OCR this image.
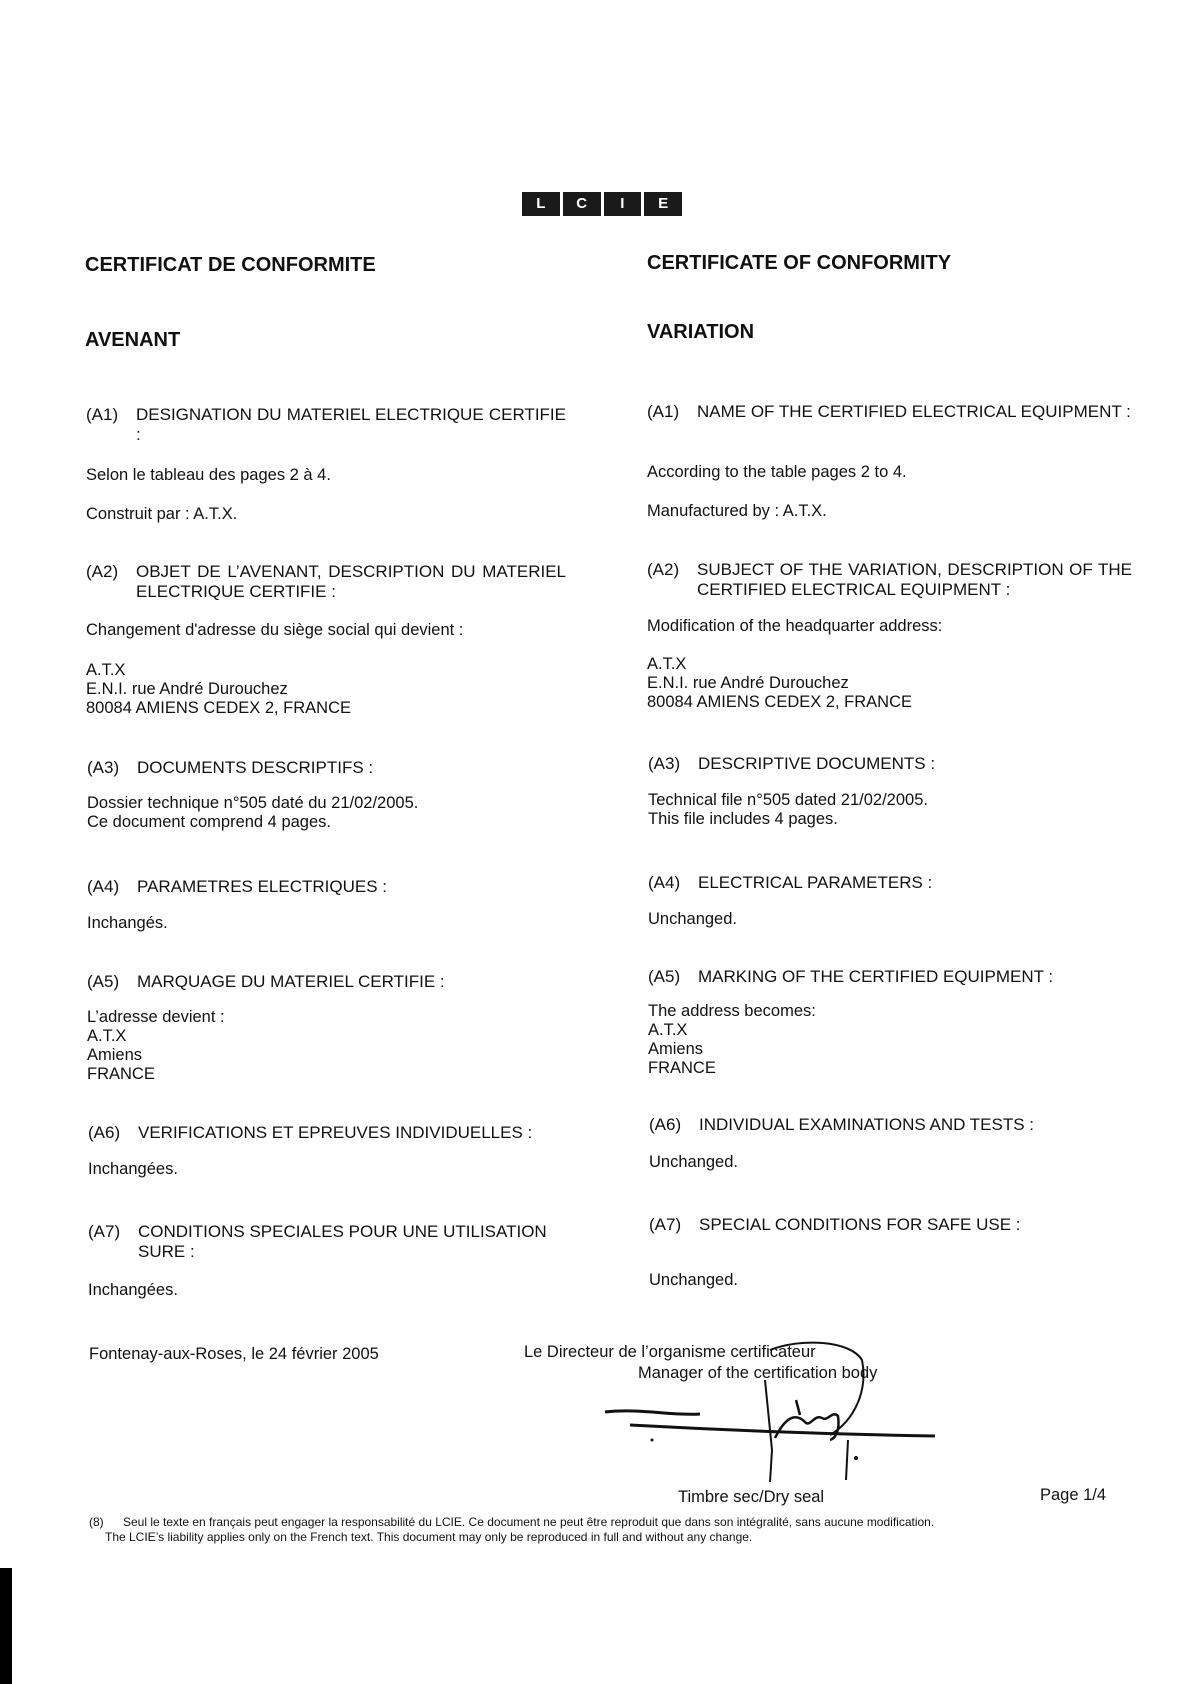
L	C	I	E
CERTIFICAT DE CONFORMITE	CERTIFICATE OF CONFORMITY
AVENANT	VARIATION
(A1) DESIGNATION DU MATERIEL ELECTRIQUE CERTIFIE :
Selon le tableau des pages 2 à 4.
Construit par : A.T.X.
(A2) OBJET DE L’AVENANT, DESCRIPTION DU MATERIEL ELECTRIQUE CERTIFIE :
Changement d'adresse du siège social qui devient :
A.T.X
E.N.I. rue André Durouchez
80084 AMIENS CEDEX 2, FRANCE
(A3) DOCUMENTS DESCRIPTIFS :
Dossier technique n°505 daté du 21/02/2005.
Ce document comprend 4 pages.
(A4) PARAMETRES ELECTRIQUES :
Inchangés.
(A5) MARQUAGE DU MATERIEL CERTIFIE :
L’adresse devient :
A.T.X
Amiens
FRANCE
(A6) VERIFICATIONS ET EPREUVES INDIVIDUELLES :
Inchangées.
(A7) CONDITIONS SPECIALES POUR UNE UTILISATION SURE :
Inchangées.
(A1) NAME OF THE CERTIFIED ELECTRICAL EQUIPMENT :
According to the table pages 2 to 4.
Manufactured by : A.T.X.
(A2) SUBJECT OF THE VARIATION, DESCRIPTION OF THE CERTIFIED ELECTRICAL EQUIPMENT :
Modification of the headquarter address:
A.T.X
E.N.I. rue André Durouchez
80084 AMIENS CEDEX 2, FRANCE
(A3) DESCRIPTIVE DOCUMENTS :
Technical file n°505 dated 21/02/2005.
This file includes 4 pages.
(A4) ELECTRICAL PARAMETERS :
Unchanged.
(A5) MARKING OF THE CERTIFIED EQUIPMENT :
The address becomes:
A.T.X
Amiens
FRANCE
(A6) INDIVIDUAL EXAMINATIONS AND TESTS :
Unchanged.
(A7) SPECIAL CONDITIONS FOR SAFE USE :
Unchanged.
Fontenay-aux-Roses, le 24 février 2005	Le Directeur de l’organisme certificateur
Manager of the certification body
Timbre sec/Dry seal	Page 1/4
(8) Seul le texte en français peut engager la responsabilité du LCIE. Ce document ne peut être reproduit que dans son intégralité, sans aucune modification.
The LCIE’s liability applies only on the French text. This document may only be reproduced in full and without any change.
